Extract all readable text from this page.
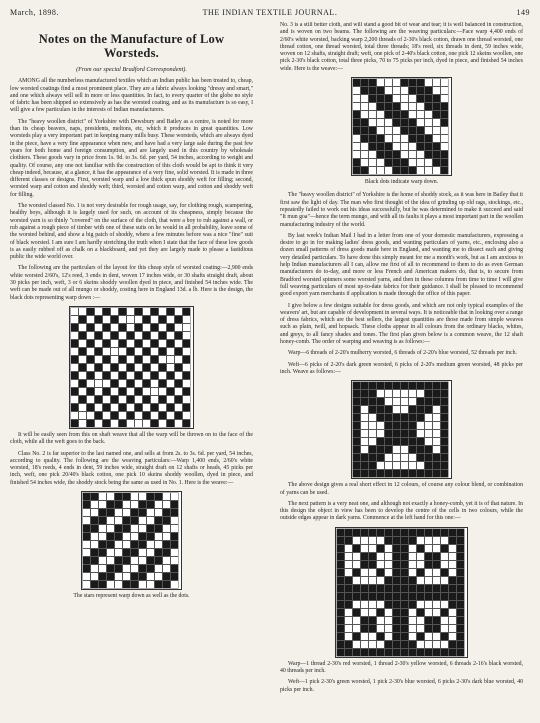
March, 1898.	THE INDIAN TEXTILE JOURNAL.	149
Notes on the Manufacture of Low Worsteds.
(From our special Bradford Correspondent).

AMONG all the numberless manufactured textiles which an Indian public has been treated to, cheap, low worsted coatings find a most prominent place. They are a fabric always looking "dressy and smart," and one which always will sell in more or less quantities. In fact, to every quarter of the globe no style of fabric has been shipped so extensively as has the worsted coating, and as its manufacture is so easy, I will give a few particulars in the interests of Indian manufacturers.

The "heavy woollen district" of Yorkshire with Dewsbury and Batley as a centre, is noted for more than its cheap beavers, naps, presidents, meltons, etc, which it produces in great quantities. Low worsteds play a very important part in keeping many mills busy. These worsteds, which are always dyed in the piece, have a very fine appearance when new, and have had a very large sale during the past few years for both home and foreign consumption, and are largely used in this country by wholesale clothiers. These goods vary in price from 1s. 9d. to 3s. 6d. per yard, 54 inches, according to weight and quality. Of course, any one not familiar with the construction of this cloth would be apt to think it very cheap indeed, because, at a glance, it has the appearance of a very fine, solid worsted. It is made in three different classes or designs. First, worsted warp and a low thick spun shoddy weft for filling; second, worsted warp and cotton and shoddy weft; third, worsted and cotton warp, and cotton and shoddy weft for filling.

The worsted classed No. 1 is not very desirable for rough usage, say, for clothing rough, scampering, healthy boys, although it is largely used for such, on account of its cheapness, simply because the worsted yarn is so thinly "covered" on the surface of the cloth, that were a boy to rub against a wall, or rub against a rough piece of timber with one of these suits on he would in all probability, leave some of the worsted behind, and show a big patch of shoddy, where a few minutes before was a nice "fine" suit of black worsted. I am sure I am hardly stretching the truth when I state that the face of these low goods is as easily rubbed off as chalk on a blackboard, and yet they are largely made to please a fastidious public the wide world over.

The following are the particulars of the layout for this cheap style of worsted coating:—2,900 ends white worsted 2/60's, 12's reed, 3 ends in dent, woven 17 inches wide, or 30 shafts straight draft, about 30 picks per inch, weft, 3 or 6 skeins shoddy woollen dyed in piece, and finished 54 inches wide. The weft can be made out of all mungo or shoddy, costing here in England 13d. a lb. Here is the design, the black dots representing warp down :—

It will be easily seen from this on shaft weave that all the warp will be thrown on to the face of the cloth, while all the weft goes to the back.

Class No. 2 is far superior to the last named one, and sells at from 2s. to 3s. 6d. per yard, 54 inches, according to quality. The following are the weaving particulars:—Warp 1,400 ends, 2/60's white worsted, 18's reeds, 4 ends in dent, 59 inches wide, straight draft on 12 shafts or heads, 45 picks per inch, weft, one pick 20/40's black cotton, one pick 10 skeins shoddy woollen, dyed in piece, and finished 54 inches wide, the shoddy stock being the same as used in No. 1. Here is the weave:—

The stars represent warp down as well as the dots.

No. 3 is a still better cloth, and will stand a good bit of wear and tear; it is well balanced in construction, and is woven on two beams. The following are the weaving particulars:—Face warp 4,400 ends of 2/60's white worsted, backing warp 2,200 threads of 2-30's black cotton, drawn one thread worsted, one thread cotton, one thread worsted, total three threads; 18's reed, six threads in dent, 59 inches wide, woven on 12 shafts, straight draft; weft, one pick of 2-40's black cotton, one pick 12 skeins woollen, one pick 2-30's black cotton, total three picks, 70 to 75 picks per inch, dyed in piece, and finished 54 inches wide. Here is the weave:—

Black dots indicate warp down.

The "heavy woollen district" of Yorkshire is the home of shoddy stock, as it was here in Batley that it first saw the light of day. The man who first thought of the idea of grinding up old rags, stockings, etc., repeatedly failed to work out his ideas successfully, but he was determined to make it succeed and said "It mun goa"—hence the term mungo, and with all its faults it plays a most important part in the woollen manufacturing industry of the world.

By last week's Indian Mail I had in a letter from one of your domestic manufacturers, expressing a desire to go in for making ladies' dress goods, and wanting particulars of yarns, etc., enclosing also a dozen small patterns of dress goods made here in England, and wanting me to dissect each and giving very detailed particulars. To have done this simply meant for me a month's work, but as I am anxious to help Indian manufacturers all I can, allow me first of all to recommend to them to do as even German manufacturers do to-day, and more or less French and American makers do, that is, to secure from Bradford worsted spinners some worsted yarns, and then in these columns from time to time I will give full weaving particulars of most up-to-date fabrics for their guidance. I shall be pleased to recommend good export yarn merchants if application is made through the office of this paper.

I give below a few designs suitable for dress goods, and which are not only typical examples of the weavers' art, but are capable of development in several ways. It is noticeable that in looking over a range of dress fabrics, which are the best sellers, the largest quantities are those made from simple weaves such as plain, twill, and hopsack. These cloths appear in all colours from the ordinary blacks, whites, and greys, to all fancy shades and tones. The first plan given below is a common weave, the 12 shaft honey-comb. The order of warping and weaving is as follows:—

Warp—6 threads of 2-20's mulberry worsted, 6 threads of 2-20's blue worsted, 52 threads per inch.

Weft—6 picks of 2-20's dark green worsted, 6 picks of 2-20's medium green worsted, 48 picks per inch. Weave as follows:—

The above design gives a real short effect in 12 colours, of course any colour blend, or combination of yarns can be used.

The next pattern is a very neat one, and although not exactly a honey-comb, yet it is of that nature. In this design the object in view has been to develop the centre of the cells in two colours, while the outside edges appear in dark yarns. Commence at the left hand for this one:—

Warp—1 thread 2-30's red worsted, 1 thread 2-30's yellow worsted, 6 threads 2-16's black worsted, 40 threads per inch.

Weft—1 pick 2-30's green worsted, 1 pick 2-30's blue worsted, 6 picks 2-30's dark blue worsted, 40 picks per inch.
